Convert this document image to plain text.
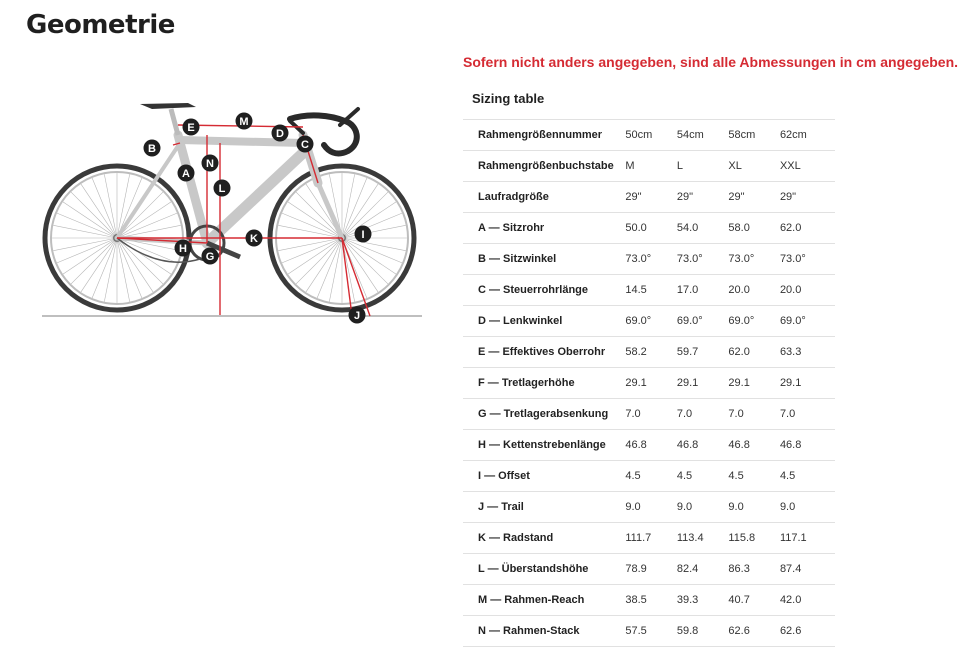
Geometrie
Sofern nicht anders angegeben, sind alle Abmessungen in cm angegeben.
A
B	C
D
E
G
H
I
J
K
L
M
N
Sizing table
Rahmengrößennummer	50cm	54cm	58cm	62cm
Rahmengrößenbuchstabe	M	L	XL	XXL
Laufradgröße	29"	29"	29"	29"
A — Sitzrohr	50.0	54.0	58.0	62.0
B — Sitzwinkel	73.0°	73.0°	73.0°	73.0°
C — Steuerrohrlänge	14.5	17.0	20.0	20.0
D — Lenkwinkel	69.0°	69.0°	69.0°	69.0°
E — Effektives Oberrohr	58.2	59.7	62.0	63.3
F — Tretlagerhöhe	29.1	29.1	29.1	29.1
G — Tretlagerabsenkung	7.0	7.0	7.0	7.0
H — Kettenstrebenlänge	46.8	46.8	46.8	46.8
I — Offset	4.5	4.5	4.5	4.5
J — Trail	9.0	9.0	9.0	9.0
K — Radstand	111.7	113.4	115.8	117.1
L — Überstandshöhe	78.9	82.4	86.3	87.4
M — Rahmen-Reach	38.5	39.3	40.7	42.0
N — Rahmen-Stack	57.5	59.8	62.6	62.6
